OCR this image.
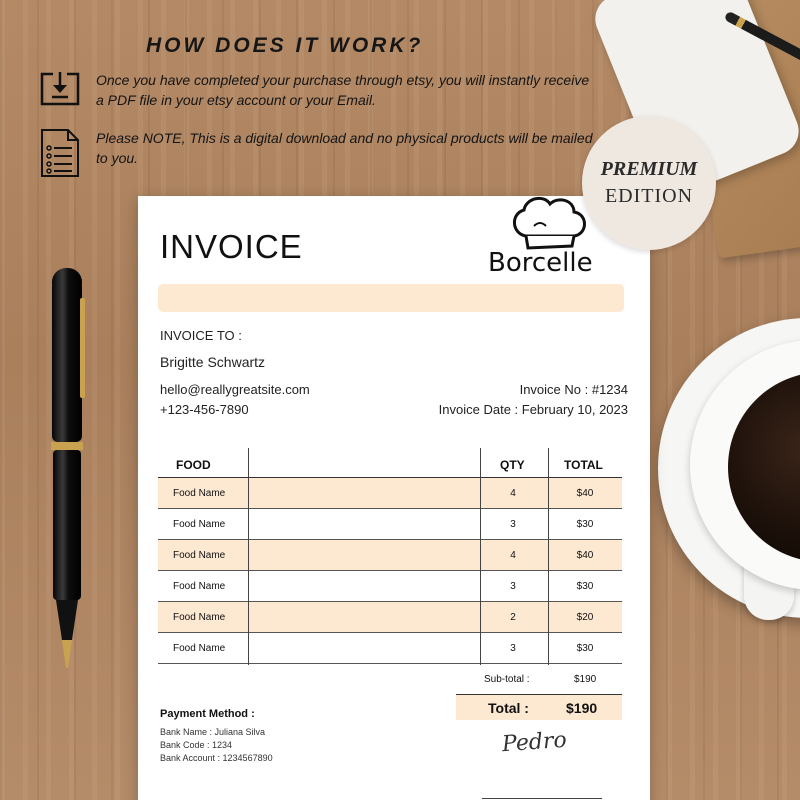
HOW DOES IT WORK?
Once you have completed your purchase through etsy, you will instantly receive a PDF file in your etsy account or your Email.
Please NOTE, This is a digital download and no physical products will be mailed to you.
INVOICE	Borcelle
INVOICE TO :
Brigitte Schwartz
hello@reallygreatsite.com
+123-456-7890
Invoice No : #1234
Invoice Date : February 10, 2023
FOOD	QTY	TOTAL
Food Name	4	$40
Food Name	3	$30
Food Name	4	$40
Food Name	3	$30
Food Name	2	$20
Food Name	3	$30
Sub-total :	$190
Total :	$190
Payment Method :
Bank Name : Juliana Silva
Bank Code : 1234
Bank Account : 1234567890
Pedro
PREMIUM
EDITION
